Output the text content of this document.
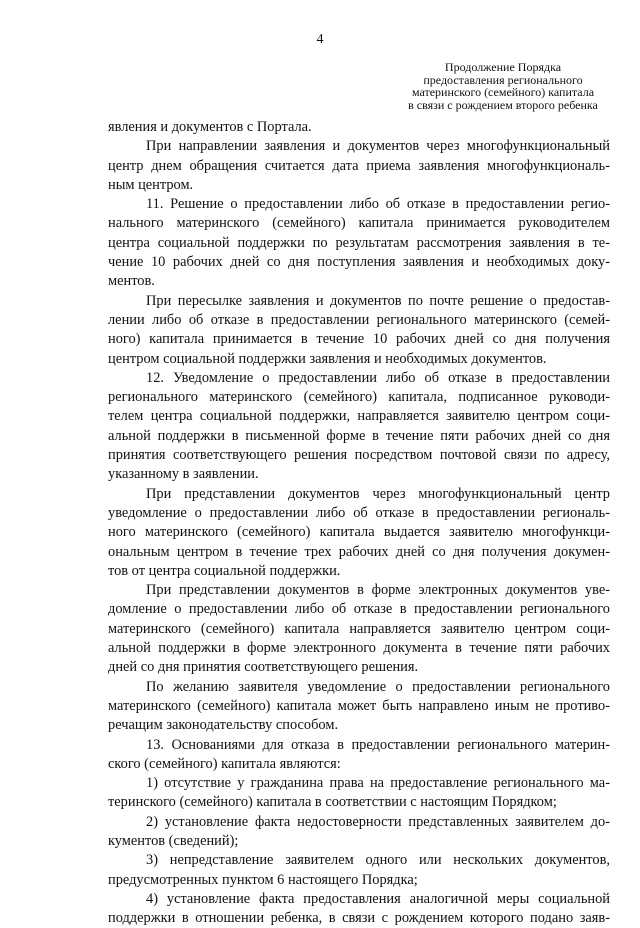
4
Продолжение Порядка
предоставления регионального
материнского (семейного) капитала
в связи с рождением второго ребенка
явления и документов с Портала.
При направлении заявления и документов через многофункциональный
центр днем обращения считается дата приема заявления многофункциональ-
ным центром.
11. Решение о предоставлении либо об отказе в предоставлении регио-
нального материнского (семейного) капитала принимается руководителем
центра социальной поддержки по результатам рассмотрения заявления в те-
чение 10 рабочих дней со дня поступления заявления и необходимых доку-
ментов.
При пересылке заявления и документов по почте решение о предостав-
лении либо об отказе в предоставлении регионального материнского (семей-
ного) капитала принимается в течение 10 рабочих дней со дня получения
центром социальной поддержки заявления и необходимых документов.
12. Уведомление о предоставлении либо об отказе в предоставлении
регионального материнского (семейного) капитала, подписанное руководи-
телем центра социальной поддержки, направляется заявителю центром соци-
альной поддержки в письменной форме в течение пяти рабочих дней со дня
принятия соответствующего решения посредством почтовой связи по адресу,
указанному в заявлении.
При представлении документов через многофункциональный центр
уведомление о предоставлении либо об отказе в предоставлении региональ-
ного материнского (семейного) капитала выдается заявителю многофункци-
ональным центром в течение трех рабочих дней со дня получения докумен-
тов от центра социальной поддержки.
При представлении документов в форме электронных документов уве-
домление о предоставлении либо об отказе в предоставлении регионального
материнского (семейного) капитала направляется заявителю центром соци-
альной поддержки в форме электронного документа в течение пяти рабочих
дней со дня принятия соответствующего решения.
По желанию заявителя уведомление о предоставлении регионального
материнского (семейного) капитала может быть направлено иным не противо-
речащим законодательству способом.
13. Основаниями для отказа в предоставлении регионального материн-
ского (семейного) капитала являются:
1) отсутствие у гражданина права на предоставление регионального ма-
теринского (семейного) капитала в соответствии с настоящим Порядком;
2) установление факта недостоверности представленных заявителем до-
кументов (сведений);
3) непредставление заявителем одного или нескольких документов,
предусмотренных пунктом 6 настоящего Порядка;
4) установление факта предоставления аналогичной меры социальной
поддержки в отношении ребенка, в связи с рождением которого подано заяв-
